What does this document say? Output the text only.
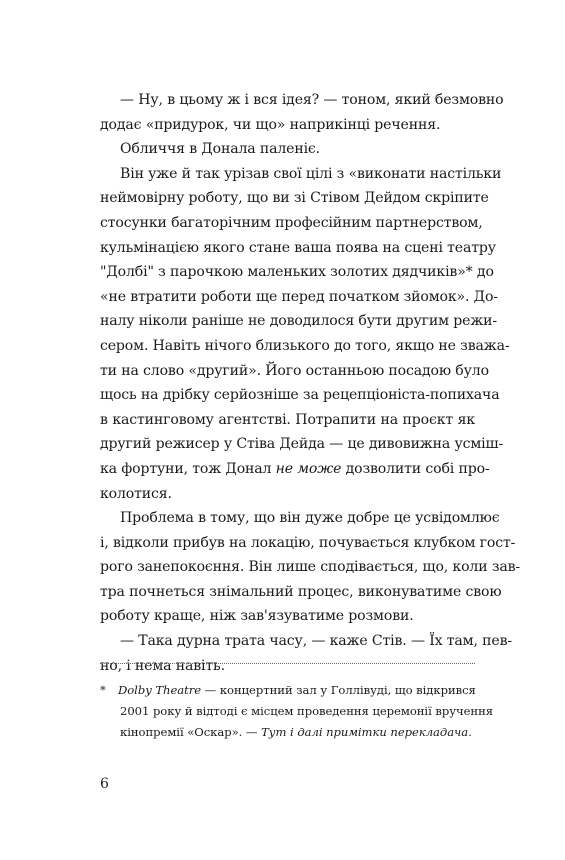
— Ну, в цьому ж і вся ідея? — тоном, який безмовно
додає «придурок, чи що» наприкінці речення.
Обличчя в Донала паленіє.
Він уже й так урізав свої цілі з «виконати настільки
неймовірну роботу, що ви зі Стівом Дейдом скріпите
стосунки багаторічним професійним партнерством,
кульмінацією якого стане ваша поява на сцені театру
"Долбі" з парочкою маленьких золотих дядчиків»* до
«не втратити роботи ще перед початком зйомок». До-
налу ніколи раніше не доводилося бути другим режи-
сером. Навіть нічого близького до того, якщо не зважа-
ти на слово «другий». Його останньою посадою було
щось на дрібку серйозніше за рецепціоніста-попихача
в кастинговому агентстві. Потрапити на проєкт як
другий режисер у Стіва Дейда — це дивовижна усміш-
ка фортуни, тож Донал не може дозволити собі про-
колотися.
Проблема в тому, що він дуже добре це усвідомлює
і, відколи прибув на локацію, почувається клубком гост-
рого занепокоєння. Він лише сподівається, що, коли зав-
тра почнеться знімальний процес, виконуватиме свою
роботу краще, ніж зав'язуватиме розмови.
— Така дурна трата часу, — каже Стів. — Їх там, пев-
но, і нема навіть.
* Dolby Theatre — концертний зал у Голлівуді, що відкрився
2001 року й відтоді є місцем проведення церемонії вручення
кінопремії «Оскар». — Тут і далі примітки перекладача.
6
